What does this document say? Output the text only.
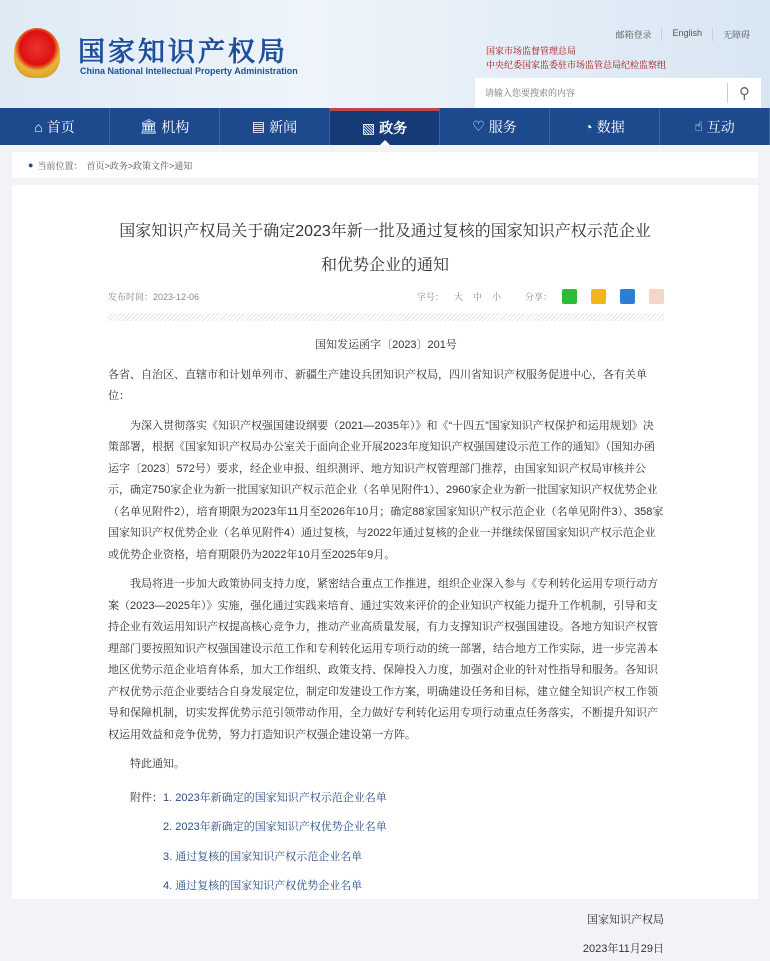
国家知识产权局
China National Intellectual Property Administration
邮箱登录	English	无障碍
国家市场监督管理总局
中央纪委国家监委驻市场监管总局纪检监察组
请输入您要搜索的内容
⚲
⌂ 首页	🏛 机构	▤ 新闻	▧ 政务	♡ 服务	◔ 数据	☝ 互动
● 当前位置： 首页>政务>政策文件>通知
国家知识产权局关于确定2023年新一批及通过复核的国家知识产权示范企业
和优势企业的通知
发布时间：2023-12-06	字号： 大 中 小	分享：
国知发运函字〔2023〕201号
各省、自治区、直辖市和计划单列市、新疆生产建设兵团知识产权局，四川省知识产权服务促进中心，各有关单位：
为深入贯彻落实《知识产权强国建设纲要（2021—2035年）》和《“十四五”国家知识产权保护和运用规划》决策部署，根据《国家知识产权局办公室关于面向企业开展2023年度知识产权强国建设示范工作的通知》（国知办函运字〔2023〕572号）要求，经企业申报、组织测评、地方知识产权管理部门推荐，由国家知识产权局审核并公示，确定750家企业为新一批国家知识产权示范企业（名单见附件1）、2960家企业为新一批国家知识产权优势企业（名单见附件2），培育期限为2023年11月至2026年10月；确定88家国家知识产权示范企业（名单见附件3）、358家国家知识产权优势企业（名单见附件4）通过复核，与2022年通过复核的企业一并继续保留国家知识产权示范企业或优势企业资格，培育期限仍为2022年10月至2025年9月。
我局将进一步加大政策协同支持力度，紧密结合重点工作推进，组织企业深入参与《专利转化运用专项行动方案（2023—2025年）》实施，强化通过实践来培育、通过实效来评价的企业知识产权能力提升工作机制，引导和支持企业有效运用知识产权提高核心竞争力，推动产业高质量发展，有力支撑知识产权强国建设。各地方知识产权管理部门要按照知识产权强国建设示范工作和专利转化运用专项行动的统一部署，结合地方工作实际，进一步完善本地区优势示范企业培育体系，加大工作组织、政策支持、保障投入力度，加强对企业的针对性指导和服务。各知识产权优势示范企业要结合自身发展定位，制定印发建设工作方案，明确建设任务和目标，建立健全知识产权工作领导和保障机制，切实发挥优势示范引领带动作用，全力做好专利转化运用专项行动重点任务落实，不断提升知识产权运用效益和竞争优势，努力打造知识产权强企建设第一方阵。
特此通知。
附件： 1. 2023年新确定的国家知识产权示范企业名单
2. 2023年新确定的国家知识产权优势企业名单
3. 通过复核的国家知识产权示范企业名单
4. 通过复核的国家知识产权优势企业名单
国家知识产权局
2023年11月29日
